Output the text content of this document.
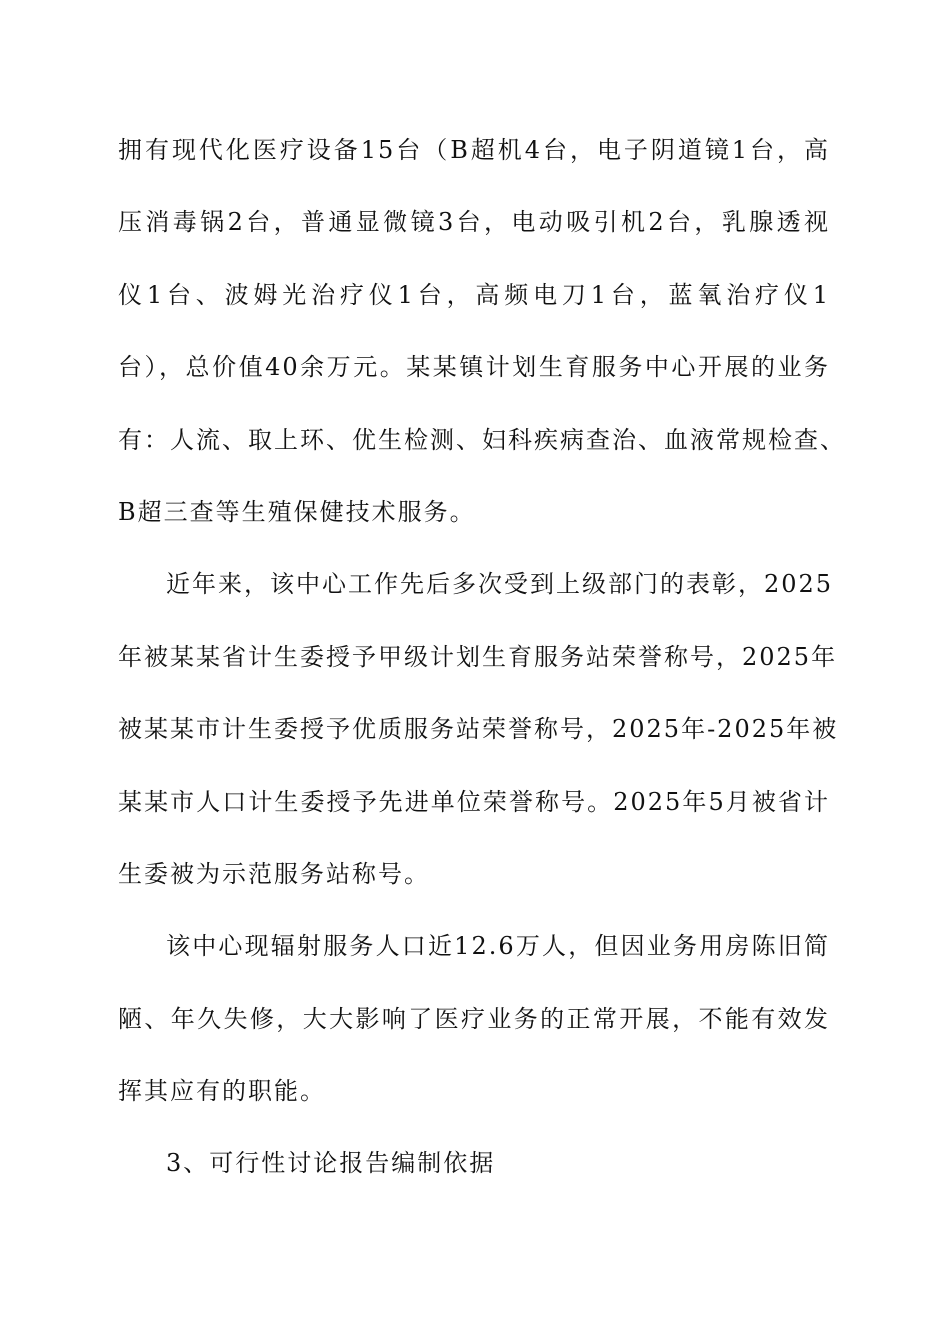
拥有现代化医疗设备15台（B超机4台，电子阴道镜1台，高
压消毒锅2台，普通显微镜3台，电动吸引机2台，乳腺透视
仪1台、波姆光治疗仪1台，高频电刀1台，蓝氧治疗仪1
台），总价值40余万元。某某镇计划生育服务中心开展的业务
有：人流、取上环、优生检测、妇科疾病查治、血液常规检查、
B超三查等生殖保健技术服务。
近年来，该中心工作先后多次受到上级部门的表彰，2025
年被某某省计生委授予甲级计划生育服务站荣誉称号，2025年
被某某市计生委授予优质服务站荣誉称号，2025年-2025年被
某某市人口计生委授予先进单位荣誉称号。2025年5月被省计
生委被为示范服务站称号。
该中心现辐射服务人口近12.6万人，但因业务用房陈旧简
陋、年久失修，大大影响了医疗业务的正常开展，不能有效发
挥其应有的职能。
3、可行性讨论报告编制依据
